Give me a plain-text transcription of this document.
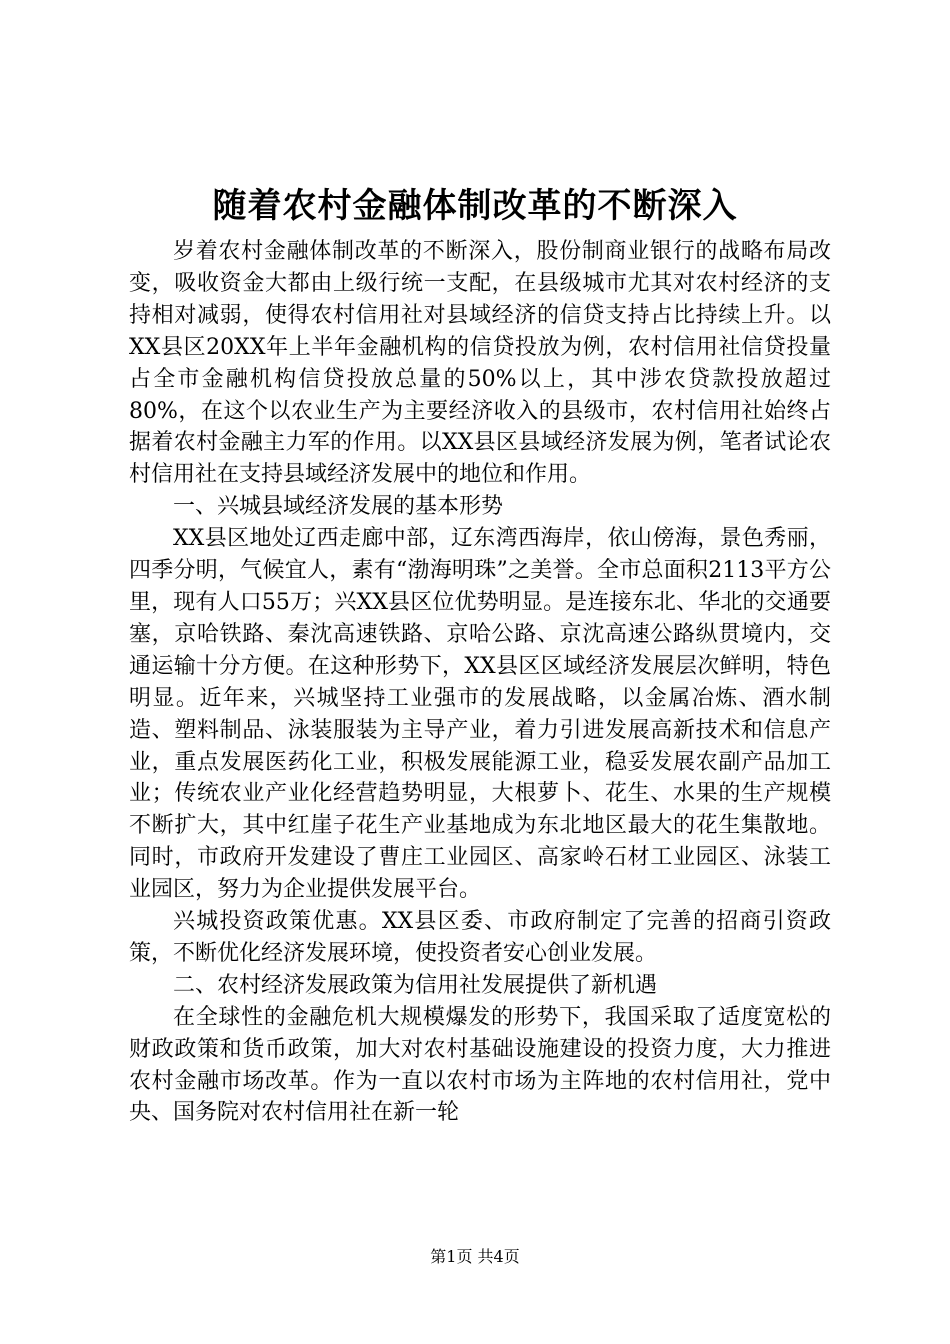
随着农村金融体制改革的不断深入

岁着农村金融体制改革的不断深入，股份制商业银行的战略布局改变，吸收资金大都由上级行统一支配，在县级城市尤其对农村经济的支持相对减弱，使得农村信用社对县域经济的信贷支持占比持续上升。以XX县区20XX年上半年金融机构的信贷投放为例，农村信用社信贷投量占全市金融机构信贷投放总量的50%以上，其中涉农贷款投放超过80%，在这个以农业生产为主要经济收入的县级市，农村信用社始终占据着农村金融主力军的作用。以XX县区县域经济发展为例，笔者试论农村信用社在支持县域经济发展中的地位和作用。

一、兴城县域经济发展的基本形势

XX县区地处辽西走廊中部，辽东湾西海岸，依山傍海，景色秀丽，四季分明，气候宜人，素有“渤海明珠”之美誉。全市总面积2113平方公里，现有人口55万；兴XX县区位优势明显。是连接东北、华北的交通要塞，京哈铁路、秦沈高速铁路、京哈公路、京沈高速公路纵贯境内，交通运输十分方便。在这种形势下，XX县区区域经济发展层次鲜明，特色明显。近年来，兴城坚持工业强市的发展战略，以金属冶炼、酒水制造、塑料制品、泳装服装为主导产业，着力引进发展高新技术和信息产业，重点发展医药化工业，积极发展能源工业，稳妥发展农副产品加工业；传统农业产业化经营趋势明显，大根萝卜、花生、水果的生产规模不断扩大，其中红崖子花生产业基地成为东北地区最大的花生集散地。同时，市政府开发建设了曹庄工业园区、高家岭石材工业园区、泳装工业园区，努力为企业提供发展平台。

兴城投资政策优惠。XX县区委、市政府制定了完善的招商引资政策，不断优化经济发展环境，使投资者安心创业发展。

二、农村经济发展政策为信用社发展提供了新机遇

在全球性的金融危机大规模爆发的形势下，我国采取了适度宽松的财政政策和货币政策，加大对农村基础设施建设的投资力度，大力推进农村金融市场改革。作为一直以农村市场为主阵地的农村信用社，党中央、国务院对农村信用社在新一轮

第1页 共4页
